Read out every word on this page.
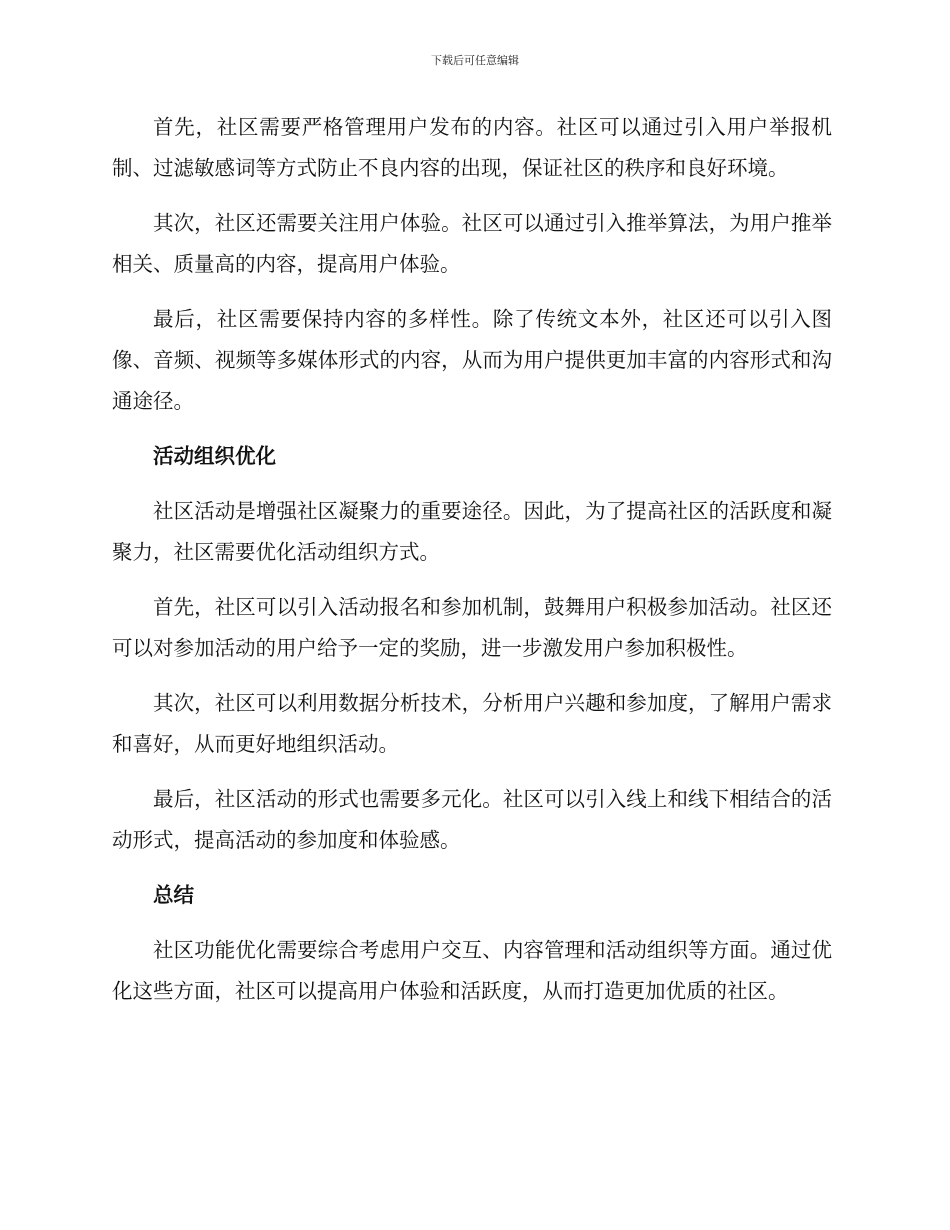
下载后可任意编辑

首先，社区需要严格管理用户发布的内容。社区可以通过引入用户举报机制、过滤敏感词等方式防止不良内容的出现，保证社区的秩序和良好环境。

其次，社区还需要关注用户体验。社区可以通过引入推举算法，为用户推举相关、质量高的内容，提高用户体验。

最后，社区需要保持内容的多样性。除了传统文本外，社区还可以引入图像、音频、视频等多媒体形式的内容，从而为用户提供更加丰富的内容形式和沟通途径。

活动组织优化

社区活动是增强社区凝聚力的重要途径。因此，为了提高社区的活跃度和凝聚力，社区需要优化活动组织方式。

首先，社区可以引入活动报名和参加机制，鼓舞用户积极参加活动。社区还可以对参加活动的用户给予一定的奖励，进一步激发用户参加积极性。

其次，社区可以利用数据分析技术，分析用户兴趣和参加度，了解用户需求和喜好，从而更好地组织活动。

最后，社区活动的形式也需要多元化。社区可以引入线上和线下相结合的活动形式，提高活动的参加度和体验感。

总结

社区功能优化需要综合考虑用户交互、内容管理和活动组织等方面。通过优化这些方面，社区可以提高用户体验和活跃度，从而打造更加优质的社区。
